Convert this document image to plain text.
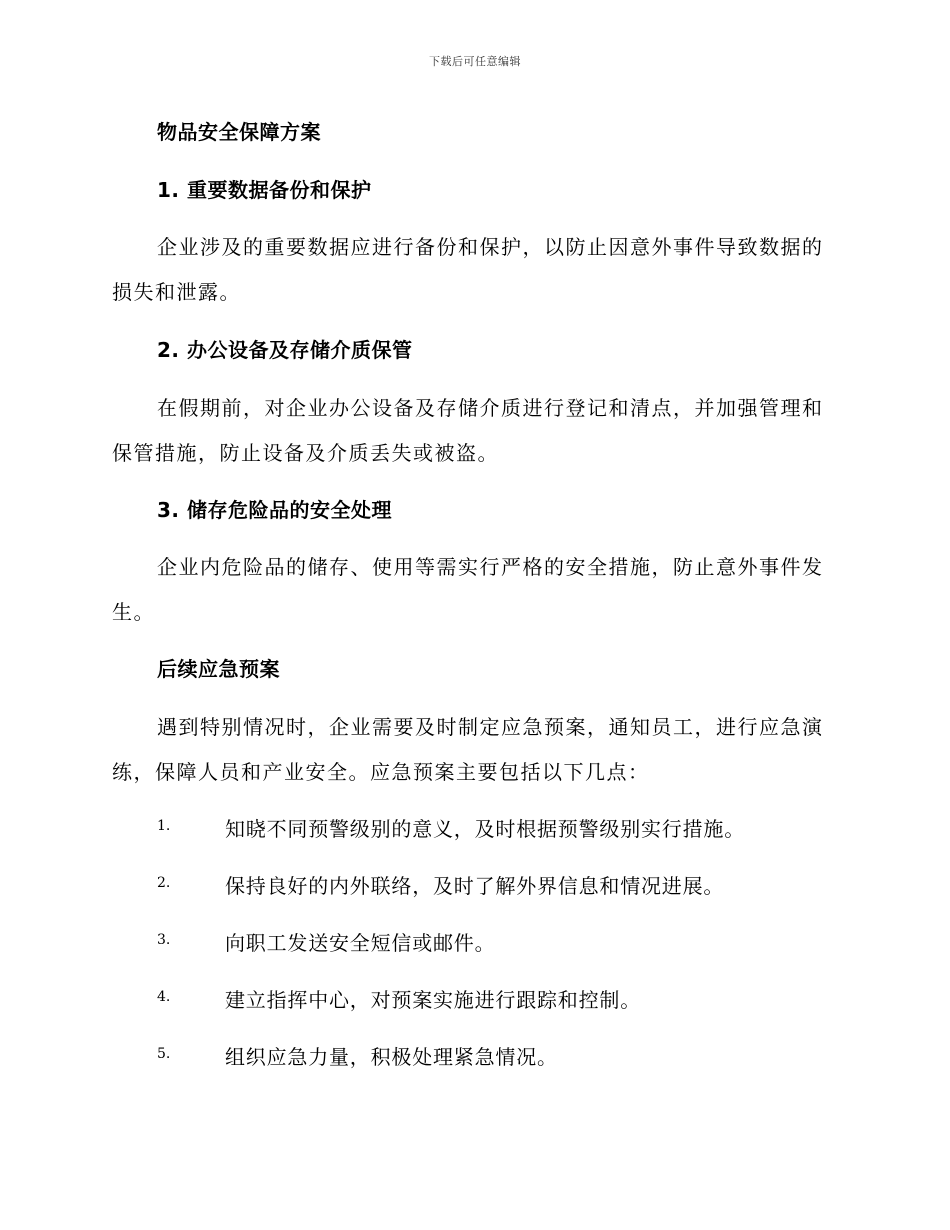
下载后可任意编辑
物品安全保障方案
1. 重要数据备份和保护
企业涉及的重要数据应进行备份和保护，以防止因意外事件导致数据的
损失和泄露。
2. 办公设备及存储介质保管
在假期前，对企业办公设备及存储介质进行登记和清点，并加强管理和
保管措施，防止设备及介质丢失或被盗。
3. 储存危险品的安全处理
企业内危险品的储存、使用等需实行严格的安全措施，防止意外事件发
生。
后续应急预案
遇到特别情况时，企业需要及时制定应急预案，通知员工，进行应急演
练，保障人员和产业安全。应急预案主要包括以下几点：
1.	知晓不同预警级别的意义，及时根据预警级别实行措施。
2.	保持良好的内外联络，及时了解外界信息和情况进展。
3.	向职工发送安全短信或邮件。
4.	建立指挥中心，对预案实施进行跟踪和控制。
5.	组织应急力量，积极处理紧急情况。
